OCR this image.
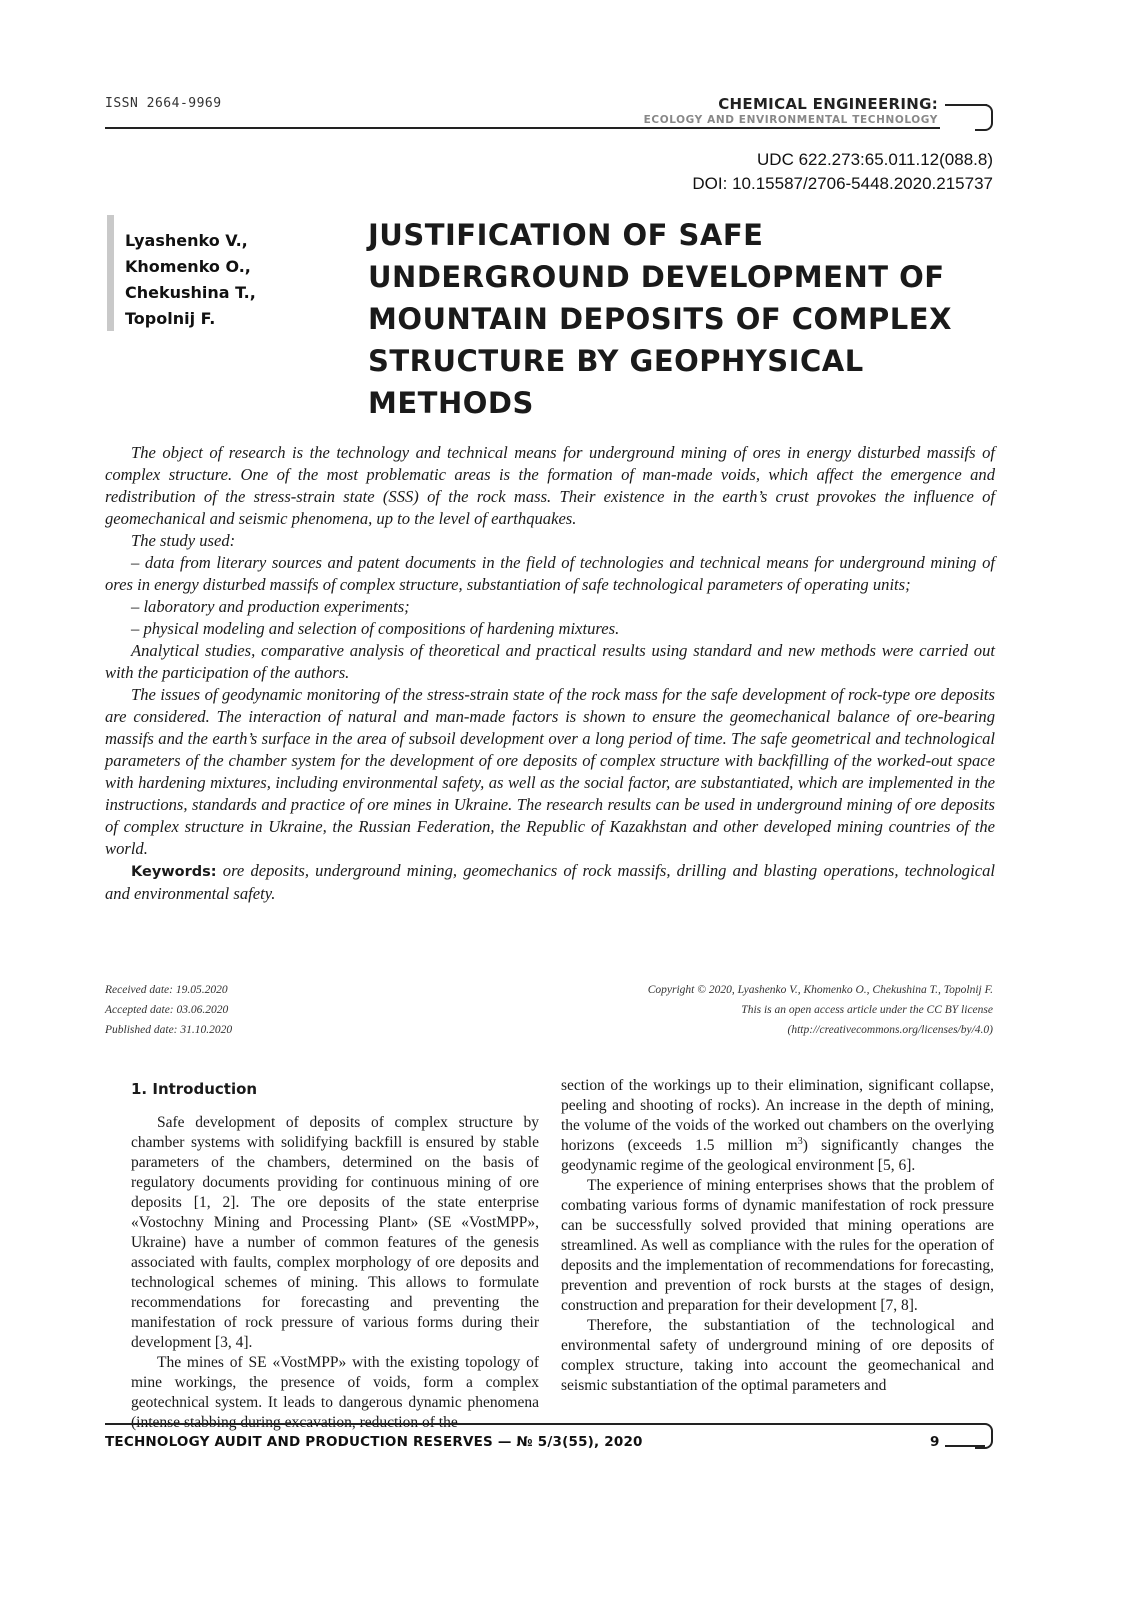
ISSN 2664-9969	CHEMICAL ENGINEERING:
ECOLOGY AND ENVIRONMENTAL TECHNOLOGY
UDC 622.273:65.011.12(088.8)
DOI: 10.15587/2706-5448.2020.215737
Lyashenko V.,
Khomenko O.,
Chekushina T.,
Topolnij F.
JUSTIFICATION OF SAFE
UNDERGROUND DEVELOPMENT OF
MOUNTAIN DEPOSITS OF COMPLEX
STRUCTURE BY GEOPHYSICAL
METHODS

The object of research is the technology and technical means for underground mining of ores in energy disturbed massifs of complex structure. One of the most problematic areas is the formation of man-made voids, which affect the emergence and redistribution of the stress-strain state (SSS) of the rock mass. Their existence in the earth’s crust provokes the influence of geomechanical and seismic phenomena, up to the level of earthquakes.

The study used:

– data from literary sources and patent documents in the field of technologies and technical means for underground mining of ores in energy disturbed massifs of complex structure, substantiation of safe technological parameters of operating units;

– laboratory and production experiments;

– physical modeling and selection of compositions of hardening mixtures.

Analytical studies, comparative analysis of theoretical and practical results using standard and new methods were carried out with the participation of the authors.

The issues of geodynamic monitoring of the stress-strain state of the rock mass for the safe development of rock-type ore deposits are considered. The interaction of natural and man-made factors is shown to ensure the geomechanical balance of ore-bearing massifs and the earth’s surface in the area of subsoil development over a long period of time. The safe geometrical and technological parameters of the chamber system for the development of ore deposits of complex structure with backfilling of the worked-out space with hardening mixtures, including environmental safety, as well as the social factor, are substantiated, which are implemented in the instructions, standards and practice of ore mines in Ukraine. The research results can be used in underground mining of ore deposits of complex structure in Ukraine, the Russian Federation, the Republic of Kazakhstan and other developed mining countries of the world.

Keywords: ore deposits, underground mining, geomechanics of rock massifs, drilling and blasting operations, technological and environmental safety.

Received date: 19.05.2020
Accepted date: 03.06.2020
Published date: 31.10.2020
Copyright © 2020, Lyashenko V., Khomenko O., Chekushina T., Topolnij F.
This is an open access article under the CC BY license
(http://creativecommons.org/licenses/by/4.0)
1. Introduction

Safe development of deposits of complex structure by chamber systems with solidifying backfill is ensured by stable parameters of the chambers, determined on the basis of regulatory documents providing for continuous mining of ore deposits [1, 2]. The ore deposits of the state enterprise «Vostochny Mining and Processing Plant» (SE «VostMPP», Ukraine) have a number of common features of the genesis associated with faults, complex morphology of ore deposits and technological schemes of mining. This allows to formulate recommendations for forecasting and preventing the manifestation of rock pressure of various forms during their development [3, 4].

The mines of SE «VostMPP» with the existing topology of mine workings, the presence of voids, form a complex geotechnical system. It leads to dangerous dynamic phenomena

section of the workings up to their elimination, significant collapse, peeling and shooting of rocks). An increase in the depth of mining, the volume of the voids of the worked out chambers on the overlying horizons (exceeds 1.5 million $m^3$) significantly changes the geodynamic regime of the geological environment [5, 6].

The experience of mining enterprises shows that the problem of combating various forms of dynamic manifestation of rock pressure can be successfully solved provided that mining operations are streamlined. As well as compliance with the rules for the operation of deposits and the implementation of recommendations for forecasting, prevention and prevention of rock bursts at the stages of design, construction and preparation for their development [7, 8].

Therefore, the substantiation of the technological and environmental safety of underground mining of ore deposits of complex structure, taking into account the geomechanical and seismic substantiation of the optimal parameters and

TECHNOLOGY AUDIT AND PRODUCTION RESERVES — № 5/3(55), 2020	9
